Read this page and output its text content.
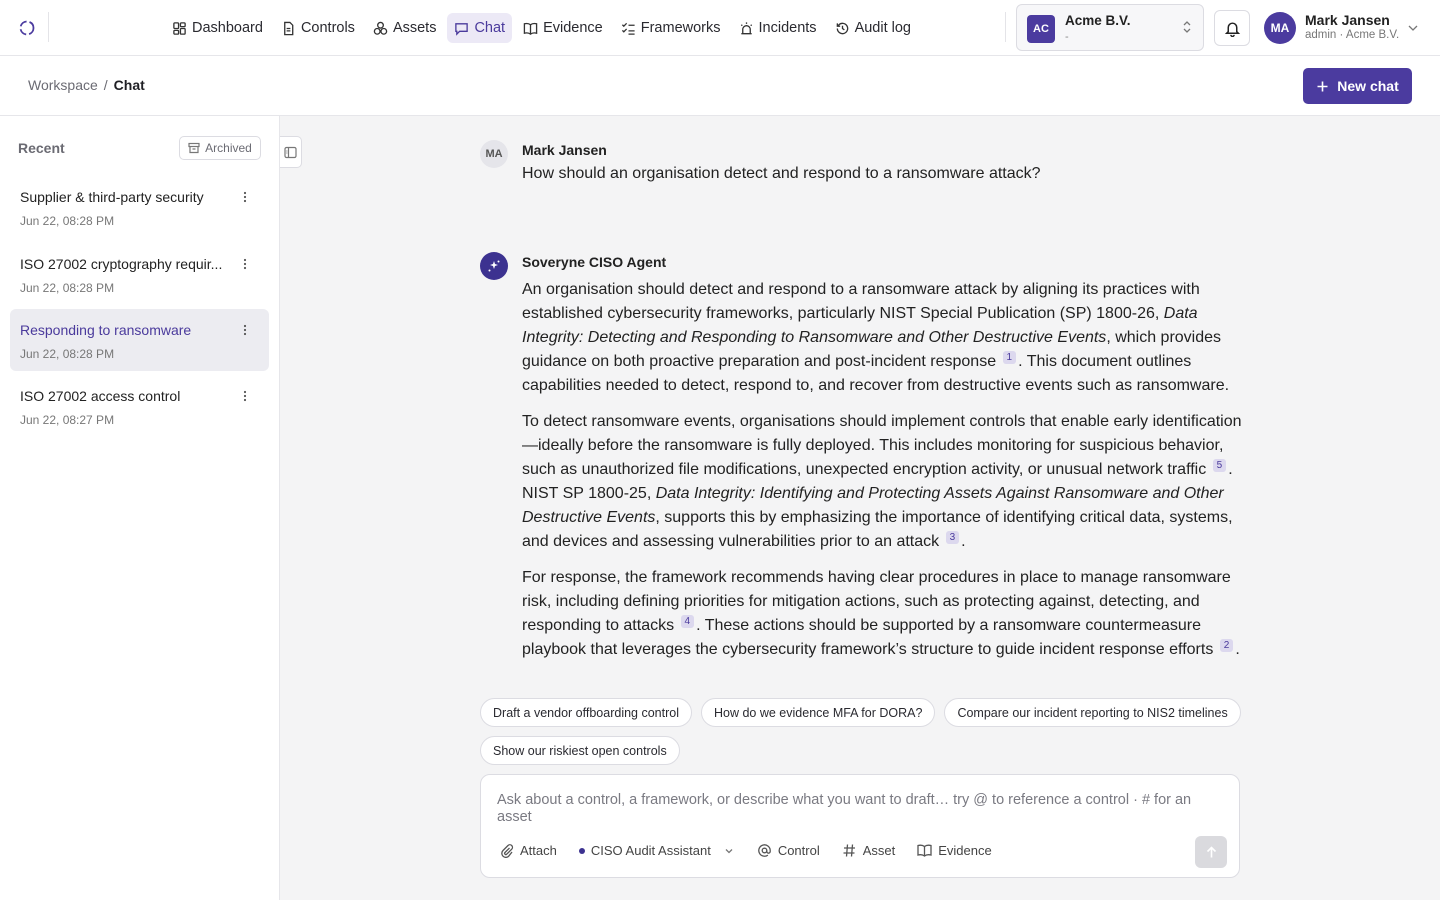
Dashboard	Controls	Assets	Chat	Evidence	Frameworks	Incidents	Audit log	AC
Acme B.V.
-
MA	Mark Jansen
admin · Acme B.V.
Workspace / Chat	New chat
Recent	Archived
Supplier & third-party security
Jun 22, 08:28 PM
ISO 27002 cryptography requir...
Jun 22, 08:28 PM
Responding to ransomware
Jun 22, 08:28 PM
ISO 27002 access control
Jun 22, 08:27 PM
MA	Mark Jansen
How should an organisation detect and respond to a ransomware attack?
Soveryne CISO Agent

An organisation should detect and respond to a ransomware attack by aligning its practices with established cybersecurity frameworks, particularly NIST Special Publication (SP) 1800-26, Data Integrity: Detecting and Responding to Ransomware and Other Destructive Events, which provides guidance on both proactive preparation and post-incident response 1 . This document outlines capabilities needed to detect, respond to, and recover from destructive events such as ransomware.

To detect ransomware events, organisations should implement controls that enable early identification—ideally before the ransomware is fully deployed. This includes monitoring for suspicious behavior, such as unauthorized file modifications, unexpected encryption activity, or unusual network traffic 5 . NIST SP 1800-25, Data Integrity: Identifying and Protecting Assets Against Ransomware and Other Destructive Events, supports this by emphasizing the importance of identifying critical data, systems, and devices and assessing vulnerabilities prior to an attack 3 .

For response, the framework recommends having clear procedures in place to manage ransomware risk, including defining priorities for mitigation actions, such as protecting against, detecting, and responding to attacks 4 . These actions should be supported by a ransomware countermeasure playbook that leverages the cybersecurity framework’s structure to guide incident response efforts 2 .

Draft a vendor offboarding control	How do we evidence MFA for DORA?	Compare our incident reporting to NIS2 timelines
Show our riskiest open controls
Ask about a control, a framework, or describe what you want to draft… try @ to reference a control · # for an asset
Attach	CISO Audit Assistant	Control	Asset	Evidence
